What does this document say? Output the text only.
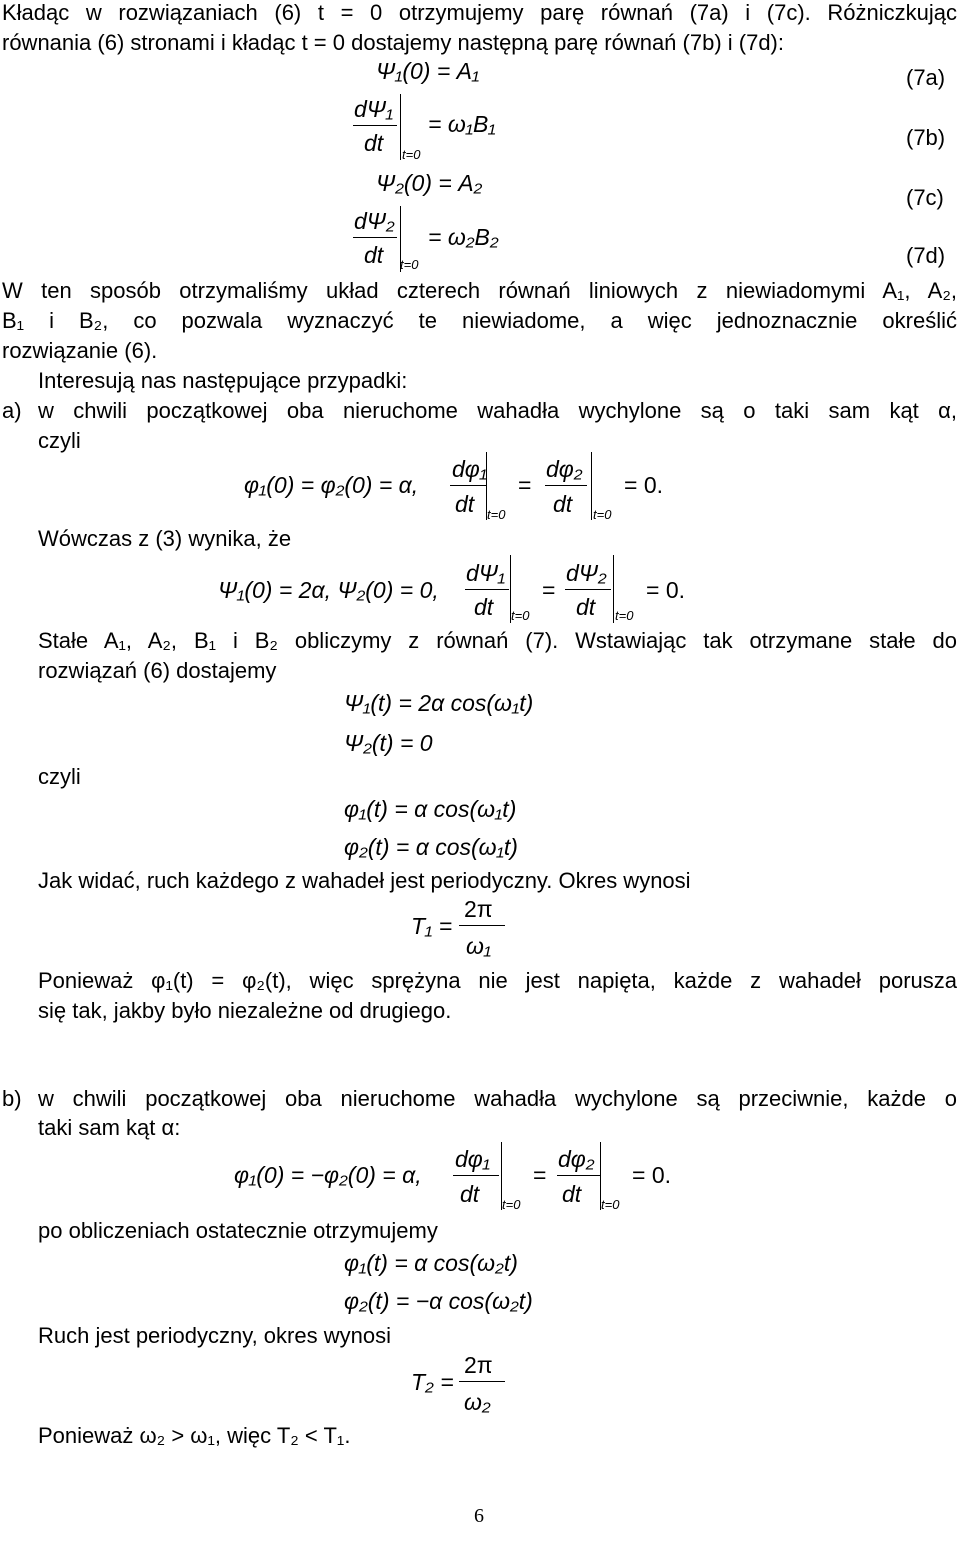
Kładąc w rozwiązaniach (6) t = 0 otrzymujemy parę równań (7a) i (7c). Różniczkując
równania (6) stronami i kładąc t = 0 dostajemy następną parę równań (7b) i (7d):
Ψ₁(0) = A₁	(7a)
dΨ₁
dt t=0
= ω₁B₁
(7b)
Ψ₂(0) = A₂
(7c)
dΨ₂
dt t=0
= ω₂B₂
(7d)
W ten sposób otrzymaliśmy układ czterech równań liniowych z niewiadomymi A₁, A₂,
B₁ i B₂, co pozwala wyznaczyć te niewiadome, a więc jednoznacznie określić
rozwiązanie (6).
Interesują nas następujące przypadki:
a) w chwili początkowej oba nieruchome wahadła wychylone są o taki sam kąt α,
czyli
φ₁(0) = φ₂(0) = α,
dφ₁
dt t=0
=
dφ₂
dt t=0
= 0.
Wówczas z (3) wynika, że
Ψ₁(0) = 2α, Ψ₂(0) = 0,
dΨ₁
dt t=0
=
dΨ₂
dt t=0
= 0.
Stałe A₁, A₂, B₁ i B₂ obliczymy z równań (7). Wstawiając tak otrzymane stałe do
rozwiązań (6) dostajemy
Ψ₁(t) = 2α cos(ω₁t)
Ψ₂(t) = 0
czyli
φ₁(t) = α cos(ω₁t)
φ₂(t) = α cos(ω₁t)
Jak widać, ruch każdego z wahadeł jest periodyczny. Okres wynosi
T₁ =
2π
ω₁
Ponieważ φ₁(t) = φ₂(t), więc sprężyna nie jest napięta, każde z wahadeł porusza
się tak, jakby było niezależne od drugiego.
b) w chwili początkowej oba nieruchome wahadła wychylone są przeciwnie, każde o
taki sam kąt α:
φ₁(0) = −φ₂(0) = α,
dφ₁
dt t=0
=
dφ₂
dt t=0
= 0.
po obliczeniach ostatecznie otrzymujemy
φ₁(t) = α cos(ω₂t)
φ₂(t) = −α cos(ω₂t)
Ruch jest periodyczny, okres wynosi
T₂ =
2π
ω₂
Ponieważ ω₂ > ω₁, więc T₂ < T₁.
6
